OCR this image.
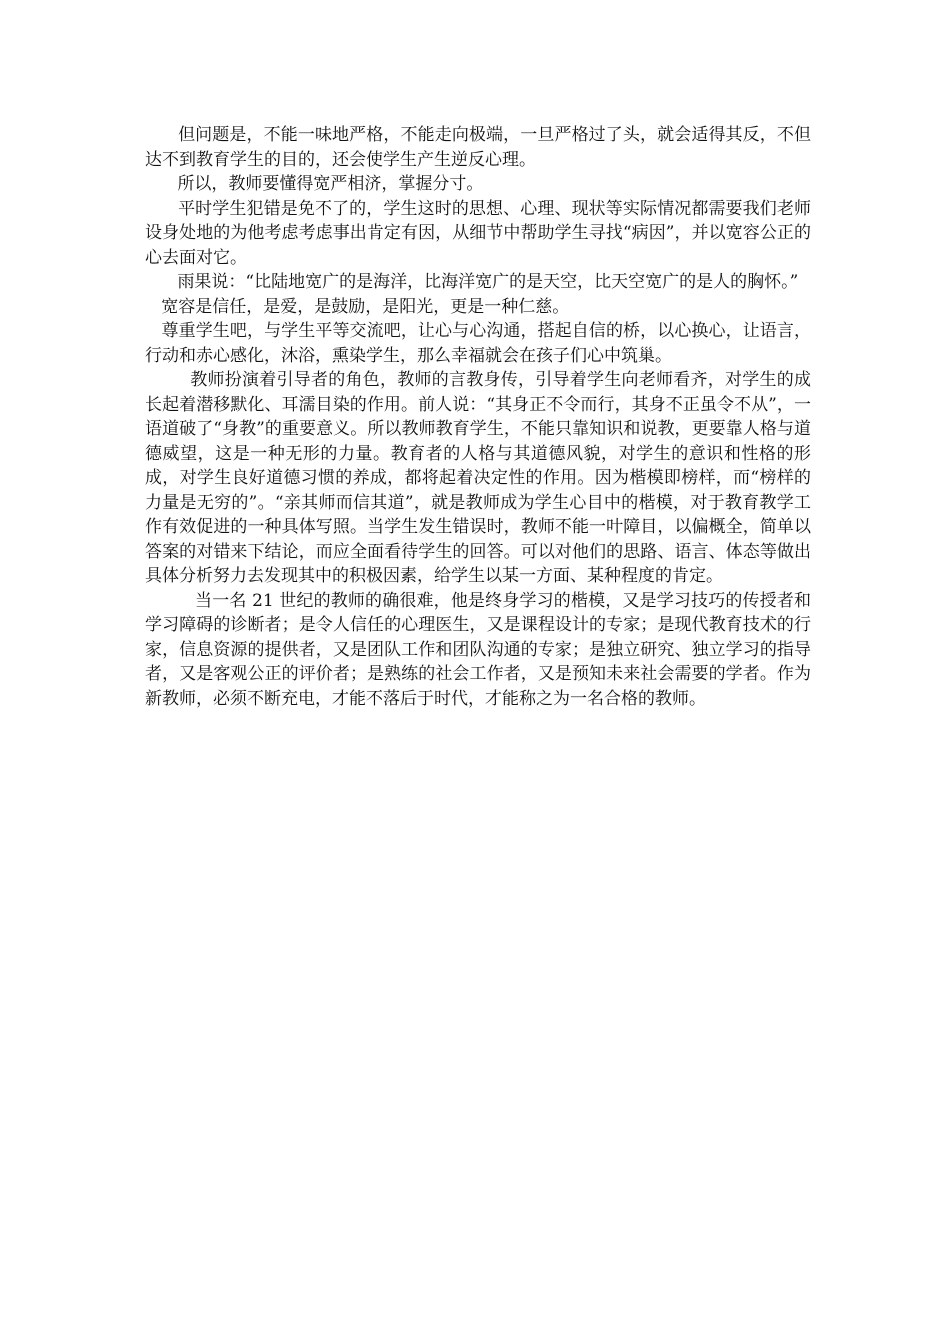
但问题是，不能一味地严格，不能走向极端，一旦严格过了头，就会适得其反，不但达不到教育学生的目的，还会使学生产生逆反心理。

所以，教师要懂得宽严相济，掌握分寸。

平时学生犯错是免不了的，学生这时的思想、心理、现状等实际情况都需要我们老师设身处地的为他考虑考虑事出肯定有因，从细节中帮助学生寻找“病因”，并以宽容公正的心去面对它。

雨果说：“比陆地宽广的是海洋，比海洋宽广的是天空，比天空宽广的是人的胸怀。”

宽容是信任，是爱，是鼓励，是阳光，更是一种仁慈。

尊重学生吧，与学生平等交流吧，让心与心沟通，搭起自信的桥，以心换心，让语言，行动和赤心感化，沐浴，熏染学生，那么幸福就会在孩子们心中筑巢。

教师扮演着引导者的角色，教师的言教身传，引导着学生向老师看齐，对学生的成长起着潜移默化、耳濡目染的作用。前人说：“其身正不令而行，其身不正虽令不从”，一语道破了“身教”的重要意义。所以教师教育学生，不能只靠知识和说教，更要靠人格与道德威望，这是一种无形的力量。教育者的人格与其道德风貌，对学生的意识和性格的形成，对学生良好道德习惯的养成，都将起着决定性的作用。因为楷模即榜样，而“榜样的力量是无穷的”。“亲其师而信其道”，就是教师成为学生心目中的楷模，对于教育教学工作有效促进的一种具体写照。当学生发生错误时，教师不能一叶障目，以偏概全，简单以答案的对错来下结论，而应全面看待学生的回答。可以对他们的思路、语言、体态等做出具体分析努力去发现其中的积极因素，给学生以某一方面、某种程度的肯定。

当一名 21 世纪的教师的确很难，他是终身学习的楷模，又是学习技巧的传授者和学习障碍的诊断者；是令人信任的心理医生，又是课程设计的专家；是现代教育技术的行家，信息资源的提供者，又是团队工作和团队沟通的专家；是独立研究、独立学习的指导者，又是客观公正的评价者；是熟练的社会工作者，又是预知未来社会需要的学者。作为新教师，必须不断充电，才能不落后于时代，才能称之为一名合格的教师。
